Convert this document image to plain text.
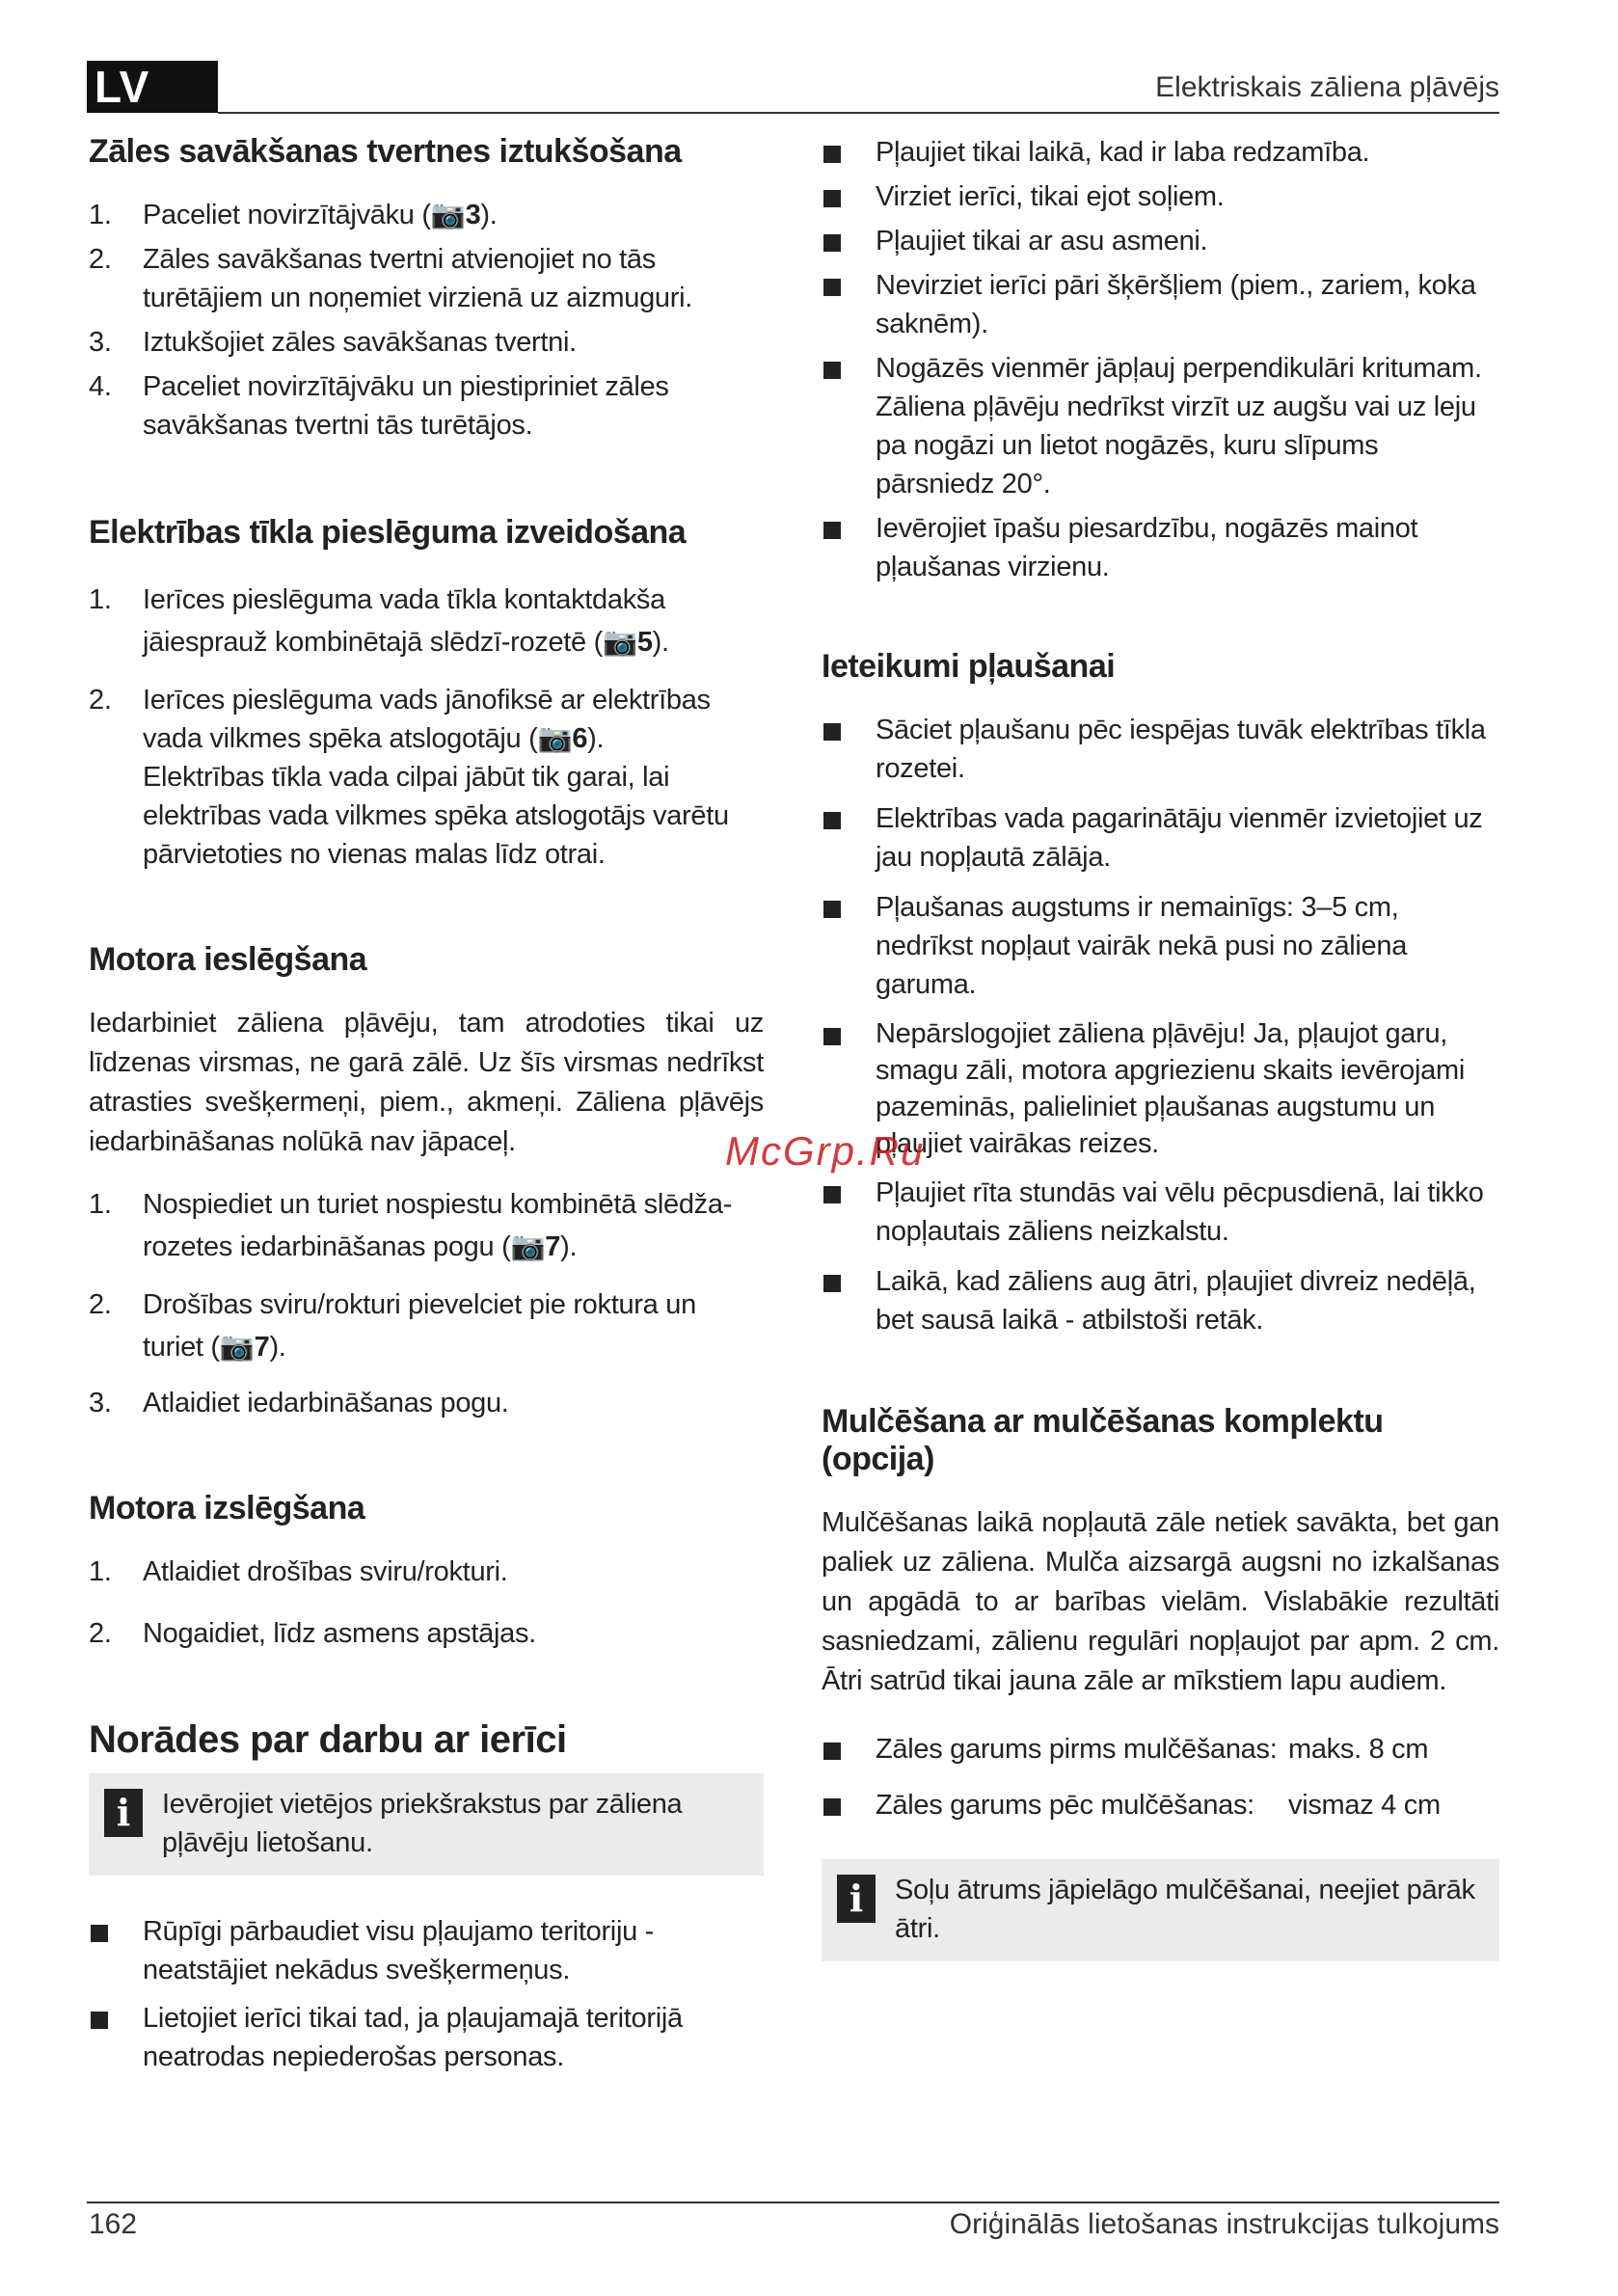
LV	Elektriskais zāliena pļāvējs
Zāles savākšanas tvertnes iztukšošana
1. Paceliet novirzītājvāku (📷3).
2. Zāles savākšanas tvertni atvienojiet no tās turētājiem un noņemiet virzienā uz aizmuguri.
3. Iztukšojiet zāles savākšanas tvertni.
4. Paceliet novirzītājvāku un piestipriniet zāles savākšanas tvertni tās turētājos.
Elektrības tīkla pieslēguma izveidošana
1. Ierīces pieslēguma vada tīkla kontaktdakša jāiesprauž kombinētajā slēdzī-rozetē (📷5).
2. Ierīces pieslēguma vads jānofiksē ar elektrības vada vilkmes spēka atslogotāju (📷6).
Elektrības tīkla vada cilpai jābūt tik garai, lai elektrības vada vilkmes spēka atslogotājs varētu pārvietoties no vienas malas līdz otrai.
Motora ieslēgšana

Iedarbiniet zāliena pļāvēju, tam atrodoties tikai uz līdzenas virsmas, ne garā zālē. Uz šīs virsmas nedrīkst atrasties svešķermeņi, piem., akmeņi. Zāliena pļāvējs iedarbināšanas nolūkā nav jāpaceļ.

1. Nospiediet un turiet nospiestu kombinētā slēdža-rozetes iedarbināšanas pogu (📷7).
2. Drošības sviru/rokturi pievelciet pie roktura un turiet (📷7).
3. Atlaidiet iedarbināšanas pogu.
Motora izslēgšana
1. Atlaidiet drošības sviru/rokturi.
2. Nogaidiet, līdz asmens apstājas.
Norādes par darbu ar ierīci
i	Ievērojiet vietējos priekšrakstus par zāliena pļāvēju lietošanu.
Rūpīgi pārbaudiet visu pļaujamo teritoriju - neatstājiet nekādus svešķermeņus.
Lietojiet ierīci tikai tad, ja pļaujamajā teritorijā neatrodas nepiederošas personas.
Pļaujiet tikai laikā, kad ir laba redzamība.
Virziet ierīci, tikai ejot soļiem.
Pļaujiet tikai ar asu asmeni.
Nevirziet ierīci pāri šķēršļiem (piem., zariem, koka saknēm).
Nogāzēs vienmēr jāpļauj perpendikulāri kritumam. Zāliena pļāvēju nedrīkst virzīt uz augšu vai uz leju pa nogāzi un lietot nogāzēs, kuru slīpums pārsniedz 20°.
Ievērojiet īpašu piesardzību, nogāzēs mainot pļaušanas virzienu.
Ieteikumi pļaušanai
Sāciet pļaušanu pēc iespējas tuvāk elektrības tīkla rozetei.
Elektrības vada pagarinātāju vienmēr izvietojiet uz jau nopļautā zālāja.
Pļaušanas augstums ir nemainīgs: 3–5 cm, nedrīkst nopļaut vairāk nekā pusi no zāliena garuma.
Nepārslogojiet zāliena pļāvēju! Ja, pļaujot garu, smagu zāli, motora apgriezienu skaits ievērojami pazeminās, palieliniet pļaušanas augstumu un pļaujiet vairākas reizes.
Pļaujiet rīta stundās vai vēlu pēcpusdienā, lai tikko nopļautais zāliens neizkalstu.
Laikā, kad zāliens aug ātri, pļaujiet divreiz nedēļā, bet sausā laikā - atbilstoši retāk.
Mulčēšana ar mulčēšanas komplektu (opcija)

Mulčēšanas laikā nopļautā zāle netiek savākta, bet gan paliek uz zāliena. Mulča aizsargā augsni no izkalšanas un apgādā to ar barības vielām. Vislabākie rezultāti sasniedzami, zālienu regulāri nopļaujot par apm. 2 cm. Ātri satrūd tikai jauna zāle ar mīkstiem lapu audiem.

Zāles garums pirms mulčēšanas: maks. 8 cm
Zāles garums pēc mulčēšanas: vismaz 4 cm
i	Soļu ātrums jāpielāgo mulčēšanai, neejiet pārāk ātri.
McGrp.Ru
162	Oriģinālās lietošanas instrukcijas tulkojums
